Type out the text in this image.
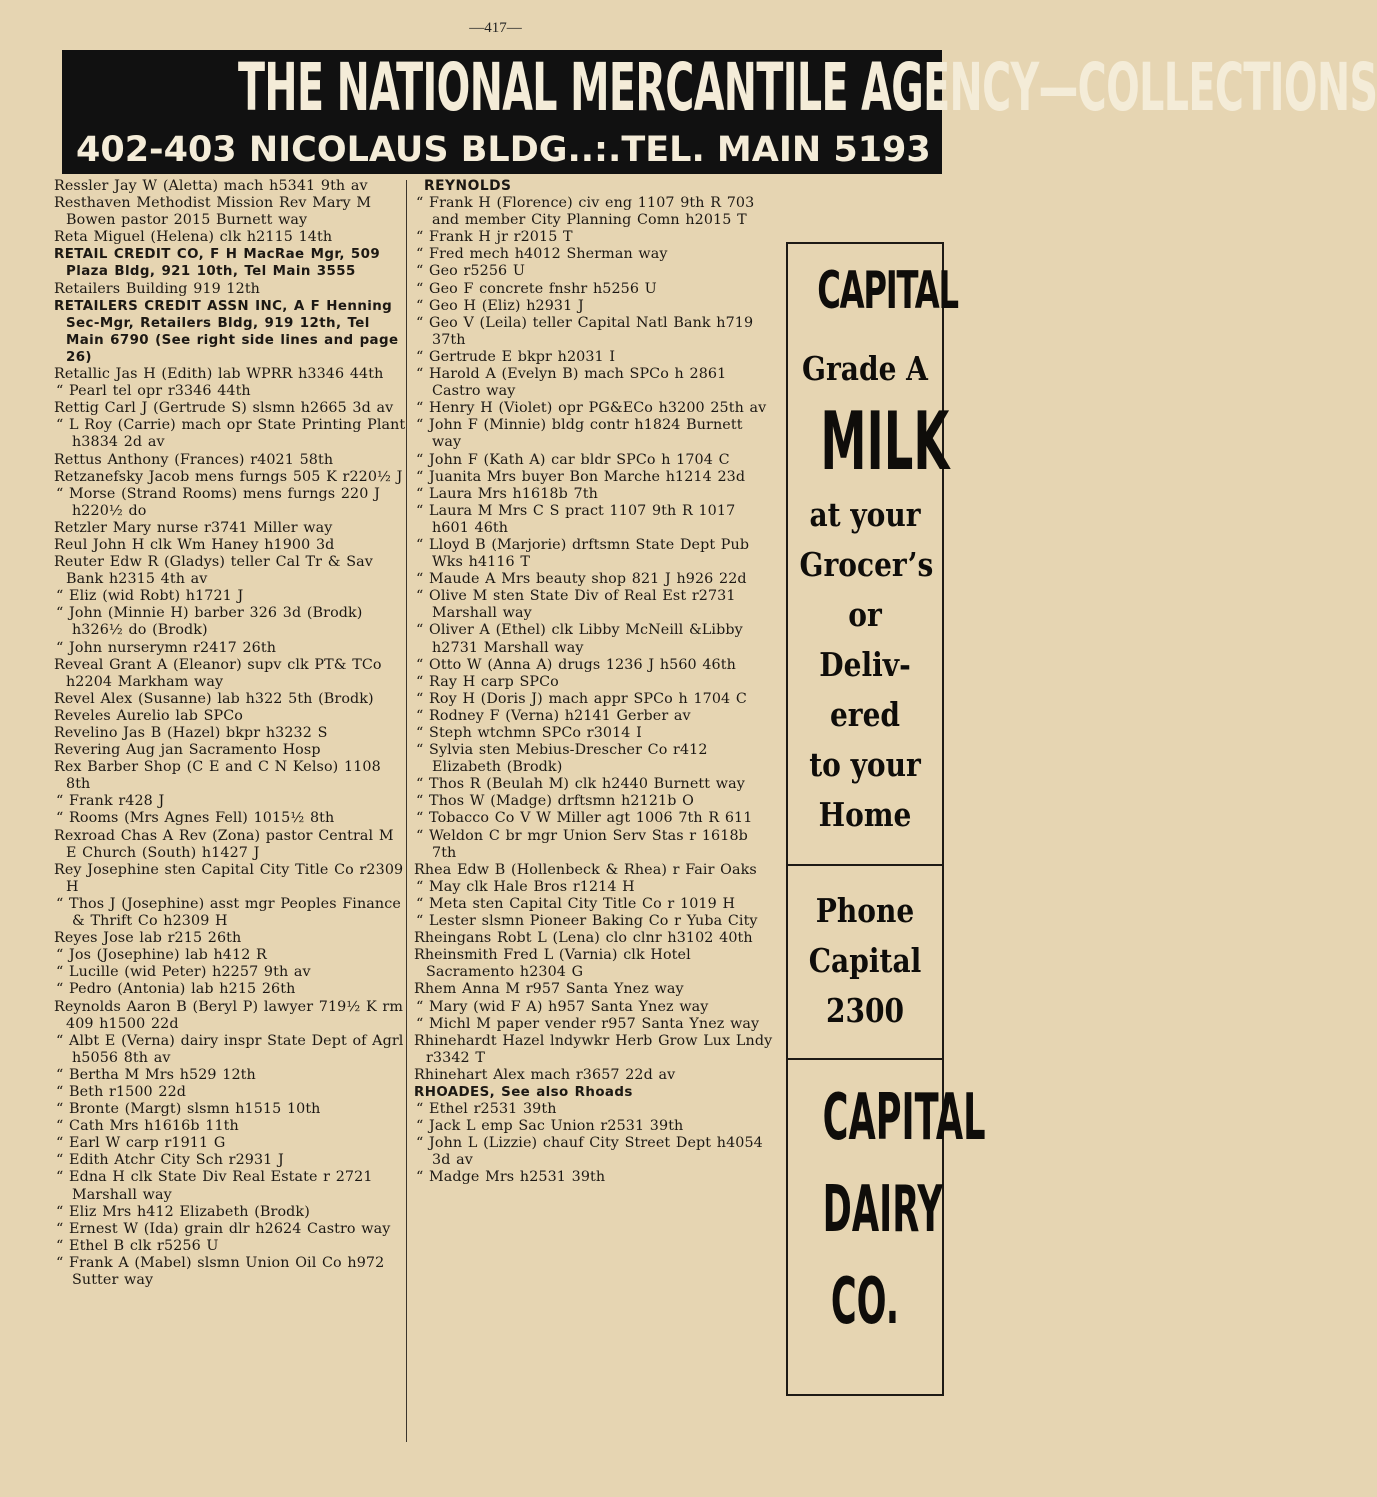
—417—
THE NATIONAL MERCANTILE AGENCY—COLLECTIONS
402-403 NICOLAUS BLDG. .:. TEL. MAIN 5193
Ressler Jay W (Aletta) mach h5341 9th av
Resthaven Methodist Mission Rev Mary M Bowen pastor 2015 Burnett way
Reta Miguel (Helena) clk h2115 14th
RETAIL CREDIT CO, F H MacRae Mgr, 509 Plaza Bldg, 921 10th, Tel Main 3555
Retailers Building 919 12th
RETAILERS CREDIT ASSN INC, A F Henning Sec-Mgr, Retailers Bldg, 919 12th, Tel Main 6790 (See right side lines and page 26)
Retallic Jas H (Edith) lab WPRR h3346 44th
“ Pearl tel opr r3346 44th
Rettig Carl J (Gertrude S) slsmn h2665 3d av
“ L Roy (Carrie) mach opr State Printing Plant h3834 2d av
Rettus Anthony (Frances) r4021 58th
Retzanefsky Jacob mens furngs 505 K r220½ J
“ Morse (Strand Rooms) mens furngs 220 J h220½ do
Retzler Mary nurse r3741 Miller way
Reul John H clk Wm Haney h1900 3d
Reuter Edw R (Gladys) teller Cal Tr & Sav Bank h2315 4th av
“ Eliz (wid Robt) h1721 J
“ John (Minnie H) barber 326 3d (Brodk) h326½ do (Brodk)
“ John nurserymn r2417 26th
Reveal Grant A (Eleanor) supv clk PT& TCo h2204 Markham way
Revel Alex (Susanne) lab h322 5th (Brodk)
Reveles Aurelio lab SPCo
Revelino Jas B (Hazel) bkpr h3232 S
Revering Aug jan Sacramento Hosp
Rex Barber Shop (C E and C N Kelso) 1108 8th
“ Frank r428 J
“ Rooms (Mrs Agnes Fell) 1015½ 8th
Rexroad Chas A Rev (Zona) pastor Central M E Church (South) h1427 J
Rey Josephine sten Capital City Title Co r2309 H
“ Thos J (Josephine) asst mgr Peoples Finance & Thrift Co h2309 H
Reyes Jose lab r215 26th
“ Jos (Josephine) lab h412 R
“ Lucille (wid Peter) h2257 9th av
“ Pedro (Antonia) lab h215 26th
Reynolds Aaron B (Beryl P) lawyer 719½ K rm 409 h1500 22d
“ Albt E (Verna) dairy inspr State Dept of Agrl h5056 8th av
“ Bertha M Mrs h529 12th
“ Beth r1500 22d
“ Bronte (Margt) slsmn h1515 10th
“ Cath Mrs h1616b 11th
“ Earl W carp r1911 G
“ Edith Atchr City Sch r2931 J
“ Edna H clk State Div Real Estate r 2721 Marshall way
“ Eliz Mrs h412 Elizabeth (Brodk)
“ Ernest W (Ida) grain dlr h2624 Castro way
“ Ethel B clk r5256 U
“ Frank A (Mabel) slsmn Union Oil Co h972 Sutter way
REYNOLDS
“ Frank H (Florence) civ eng 1107 9th R 703 and member City Planning Comn h2015 T
“ Frank H jr r2015 T
“ Fred mech h4012 Sherman way
“ Geo r5256 U
“ Geo F concrete fnshr h5256 U
“ Geo H (Eliz) h2931 J
“ Geo V (Leila) teller Capital Natl Bank h719 37th
“ Gertrude E bkpr h2031 I
“ Harold A (Evelyn B) mach SPCo h 2861 Castro way
“ Henry H (Violet) opr PG&ECo h3200 25th av
“ John F (Minnie) bldg contr h1824 Burnett way
“ John F (Kath A) car bldr SPCo h 1704 C
“ Juanita Mrs buyer Bon Marche h1214 23d
“ Laura Mrs h1618b 7th
“ Laura M Mrs C S pract 1107 9th R 1017 h601 46th
“ Lloyd B (Marjorie) drftsmn State Dept Pub Wks h4116 T
“ Maude A Mrs beauty shop 821 J h926 22d
“ Olive M sten State Div of Real Est r2731 Marshall way
“ Oliver A (Ethel) clk Libby McNeill &Libby h2731 Marshall way
“ Otto W (Anna A) drugs 1236 J h560 46th
“ Ray H carp SPCo
“ Roy H (Doris J) mach appr SPCo h 1704 C
“ Rodney F (Verna) h2141 Gerber av
“ Steph wtchmn SPCo r3014 I
“ Sylvia sten Mebius-Drescher Co r412 Elizabeth (Brodk)
“ Thos R (Beulah M) clk h2440 Burnett way
“ Thos W (Madge) drftsmn h2121b O
“ Tobacco Co V W Miller agt 1006 7th R 611
“ Weldon C br mgr Union Serv Stas r 1618b 7th
Rhea Edw B (Hollenbeck & Rhea) r Fair Oaks
“ May clk Hale Bros r1214 H
“ Meta sten Capital City Title Co r 1019 H
“ Lester slsmn Pioneer Baking Co r Yuba City
Rheingans Robt L (Lena) clo clnr h3102 40th
Rheinsmith Fred L (Varnia) clk Hotel Sacramento h2304 G
Rhem Anna M r957 Santa Ynez way
“ Mary (wid F A) h957 Santa Ynez way
“ Michl M paper vender r957 Santa Ynez way
Rhinehardt Hazel lndywkr Herb Grow Lux Lndy r3342 T
Rhinehart Alex mach r3657 22d av
RHOADES, See also Rhoads
“ Ethel r2531 39th
“ Jack L emp Sac Union r2531 39th
“ John L (Lizzie) chauf City Street Dept h4054 3d av
“ Madge Mrs h2531 39th
CAPITAL
Grade A
MILK
at your
Grocer’s
or
Deliv-
ered
to your
Home
Phone
Capital
2300
CAPITAL
DAIRY
CO.
